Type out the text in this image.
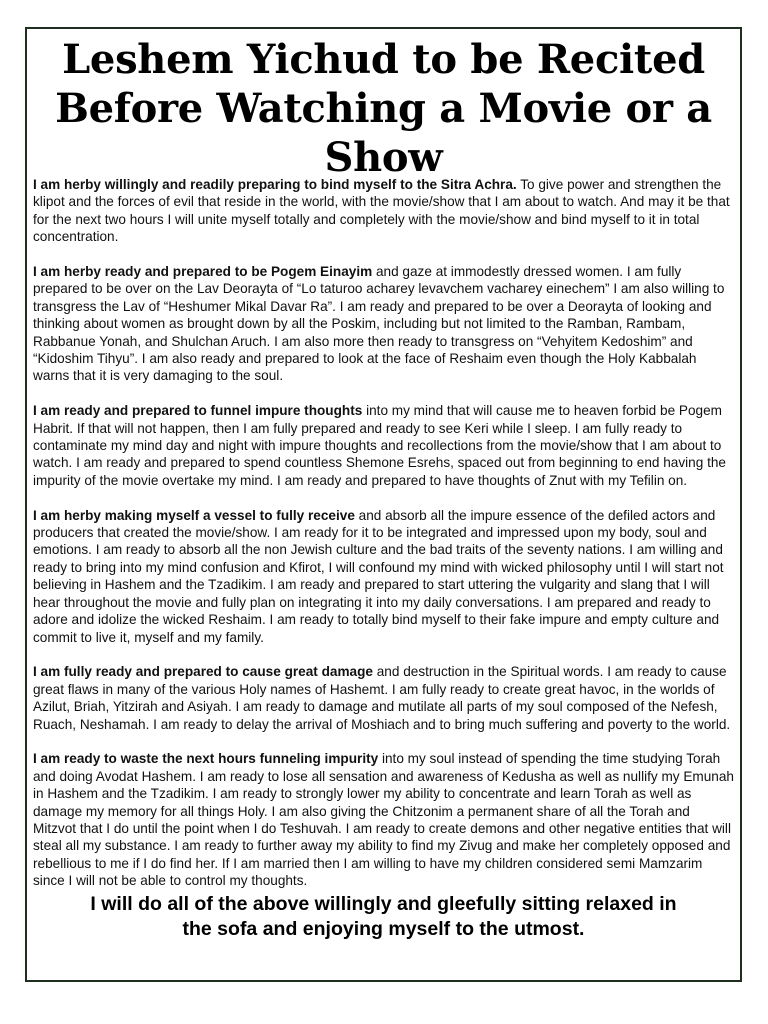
Leshem Yichud to be Recited
Before Watching a Movie or a Show

I am herby willingly and readily preparing to bind myself to the Sitra Achra. To give power and strengthen the klipot and the forces of evil that reside in the world, with the movie/show that I am about to watch. And may it be that for the next two hours I will unite myself totally and completely with the movie/show and bind myself to it in total concentration.

I am herby ready and prepared to be Pogem Einayim and gaze at immodestly dressed women. I am fully prepared to be over on the Lav Deorayta of “Lo taturoo acharey levavchem vacharey einechem” I am also willing to transgress the Lav of “Heshumer Mikal Davar Ra”. I am ready and prepared to be over a Deorayta of looking and thinking about women as brought down by all the Poskim, including but not limited to the Ramban, Rambam, Rabbanue Yonah, and Shulchan Aruch. I am also more then ready to transgress on “Vehyitem Kedoshim” and “Kidoshim Tihyu”. I am also ready and prepared to look at the face of Reshaim even though the Holy Kabbalah warns that it is very damaging to the soul.

I am ready and prepared to funnel impure thoughts into my mind that will cause me to heaven forbid be Pogem Habrit. If that will not happen, then I am fully prepared and ready to see Keri while I sleep. I am fully ready to contaminate my mind day and night with impure thoughts and recollections from the movie/show that I am about to watch. I am ready and prepared to spend countless Shemone Esrehs, spaced out from beginning to end having the impurity of the movie overtake my mind. I am ready and prepared to have thoughts of Znut with my Tefilin on.

I am herby making myself a vessel to fully receive and absorb all the impure essence of the defiled actors and producers that created the movie/show. I am ready for it to be integrated and impressed upon my body, soul and emotions. I am ready to absorb all the non Jewish culture and the bad traits of the seventy nations. I am willing and ready to bring into my mind confusion and Kfirot, I will confound my mind with wicked philosophy until I will start not believing in Hashem and the Tzadikim. I am ready and prepared to start uttering the vulgarity and slang that I will hear throughout the movie and fully plan on integrating it into my daily conversations. I am prepared and ready to adore and idolize the wicked Reshaim. I am ready to totally bind myself to their fake impure and empty culture and commit to live it, myself and my family.

I am fully ready and prepared to cause great damage and destruction in the Spiritual words. I am ready to cause great flaws in many of the various Holy names of Hashemt. I am fully ready to create great havoc, in the worlds of Azilut, Briah, Yitzirah and Asiyah. I am ready to damage and mutilate all parts of my soul composed of the Nefesh, Ruach, Neshamah. I am ready to delay the arrival of Moshiach and to bring much suffering and poverty to the world.

I am ready to waste the next hours funneling impurity into my soul instead of spending the time studying Torah and doing Avodat Hashem. I am ready to lose all sensation and awareness of Kedusha as well as nullify my Emunah in Hashem and the Tzadikim. I am ready to strongly lower my ability to concentrate and learn Torah as well as damage my memory for all things Holy. I am also giving the Chitzonim a permanent share of all the Torah and Mitzvot that I do until the point when I do Teshuvah. I am ready to create demons and other negative entities that will steal all my substance. I am ready to further away my ability to find my Zivug and make her completely opposed and rebellious to me if I do find her. If I am married then I am willing to have my children considered semi Mamzarim since I will not be able to control my thoughts.

I will do all of the above willingly and gleefully sitting relaxed in
the sofa and enjoying myself to the utmost.
